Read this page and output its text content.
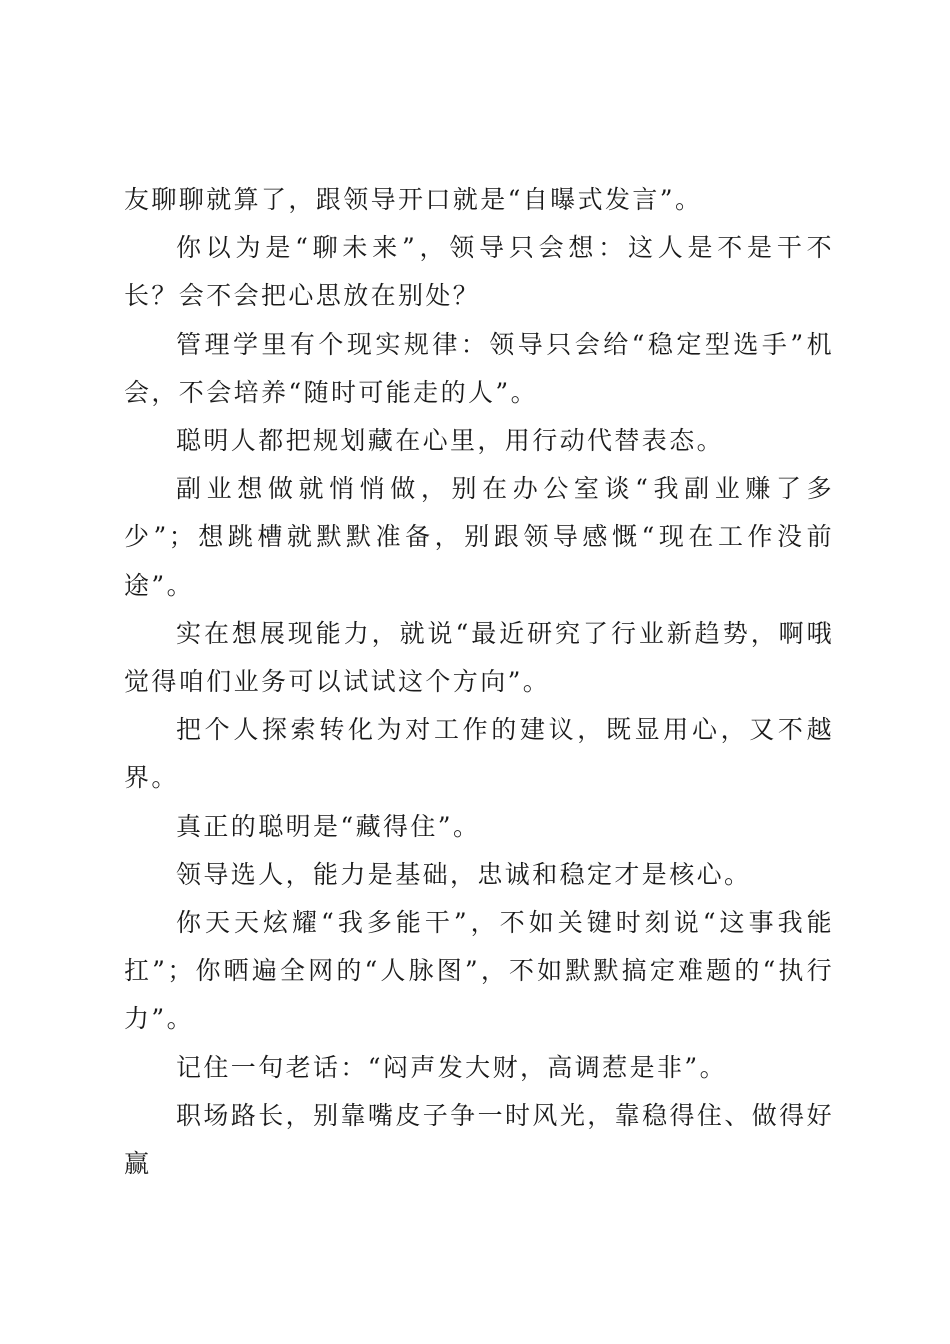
友聊聊就算了，跟领导开口就是“自曝式发言”。

你以为是“聊未来”，领导只会想：这人是不是干不长？会不会把心思放在别处？

管理学里有个现实规律：领导只会给“稳定型选手”机会，不会培养“随时可能走的人”。

聪明人都把规划藏在心里，用行动代替表态。

副业想做就悄悄做，别在办公室谈“我副业赚了多少”；想跳槽就默默准备，别跟领导感慨“现在工作没前途”。

实在想展现能力，就说“最近研究了行业新趋势，啊哦觉得咱们业务可以试试这个方向”。

把个人探索转化为对工作的建议，既显用心，又不越界。

真正的聪明是“藏得住”。

领导选人，能力是基础，忠诚和稳定才是核心。

你天天炫耀“我多能干”，不如关键时刻说“这事我能扛”；你晒遍全网的“人脉图”，不如默默搞定难题的“执行力”。

记住一句老话：“闷声发大财，高调惹是非”。

职场路长，别靠嘴皮子争一时风光，靠稳得住、做得好赢
